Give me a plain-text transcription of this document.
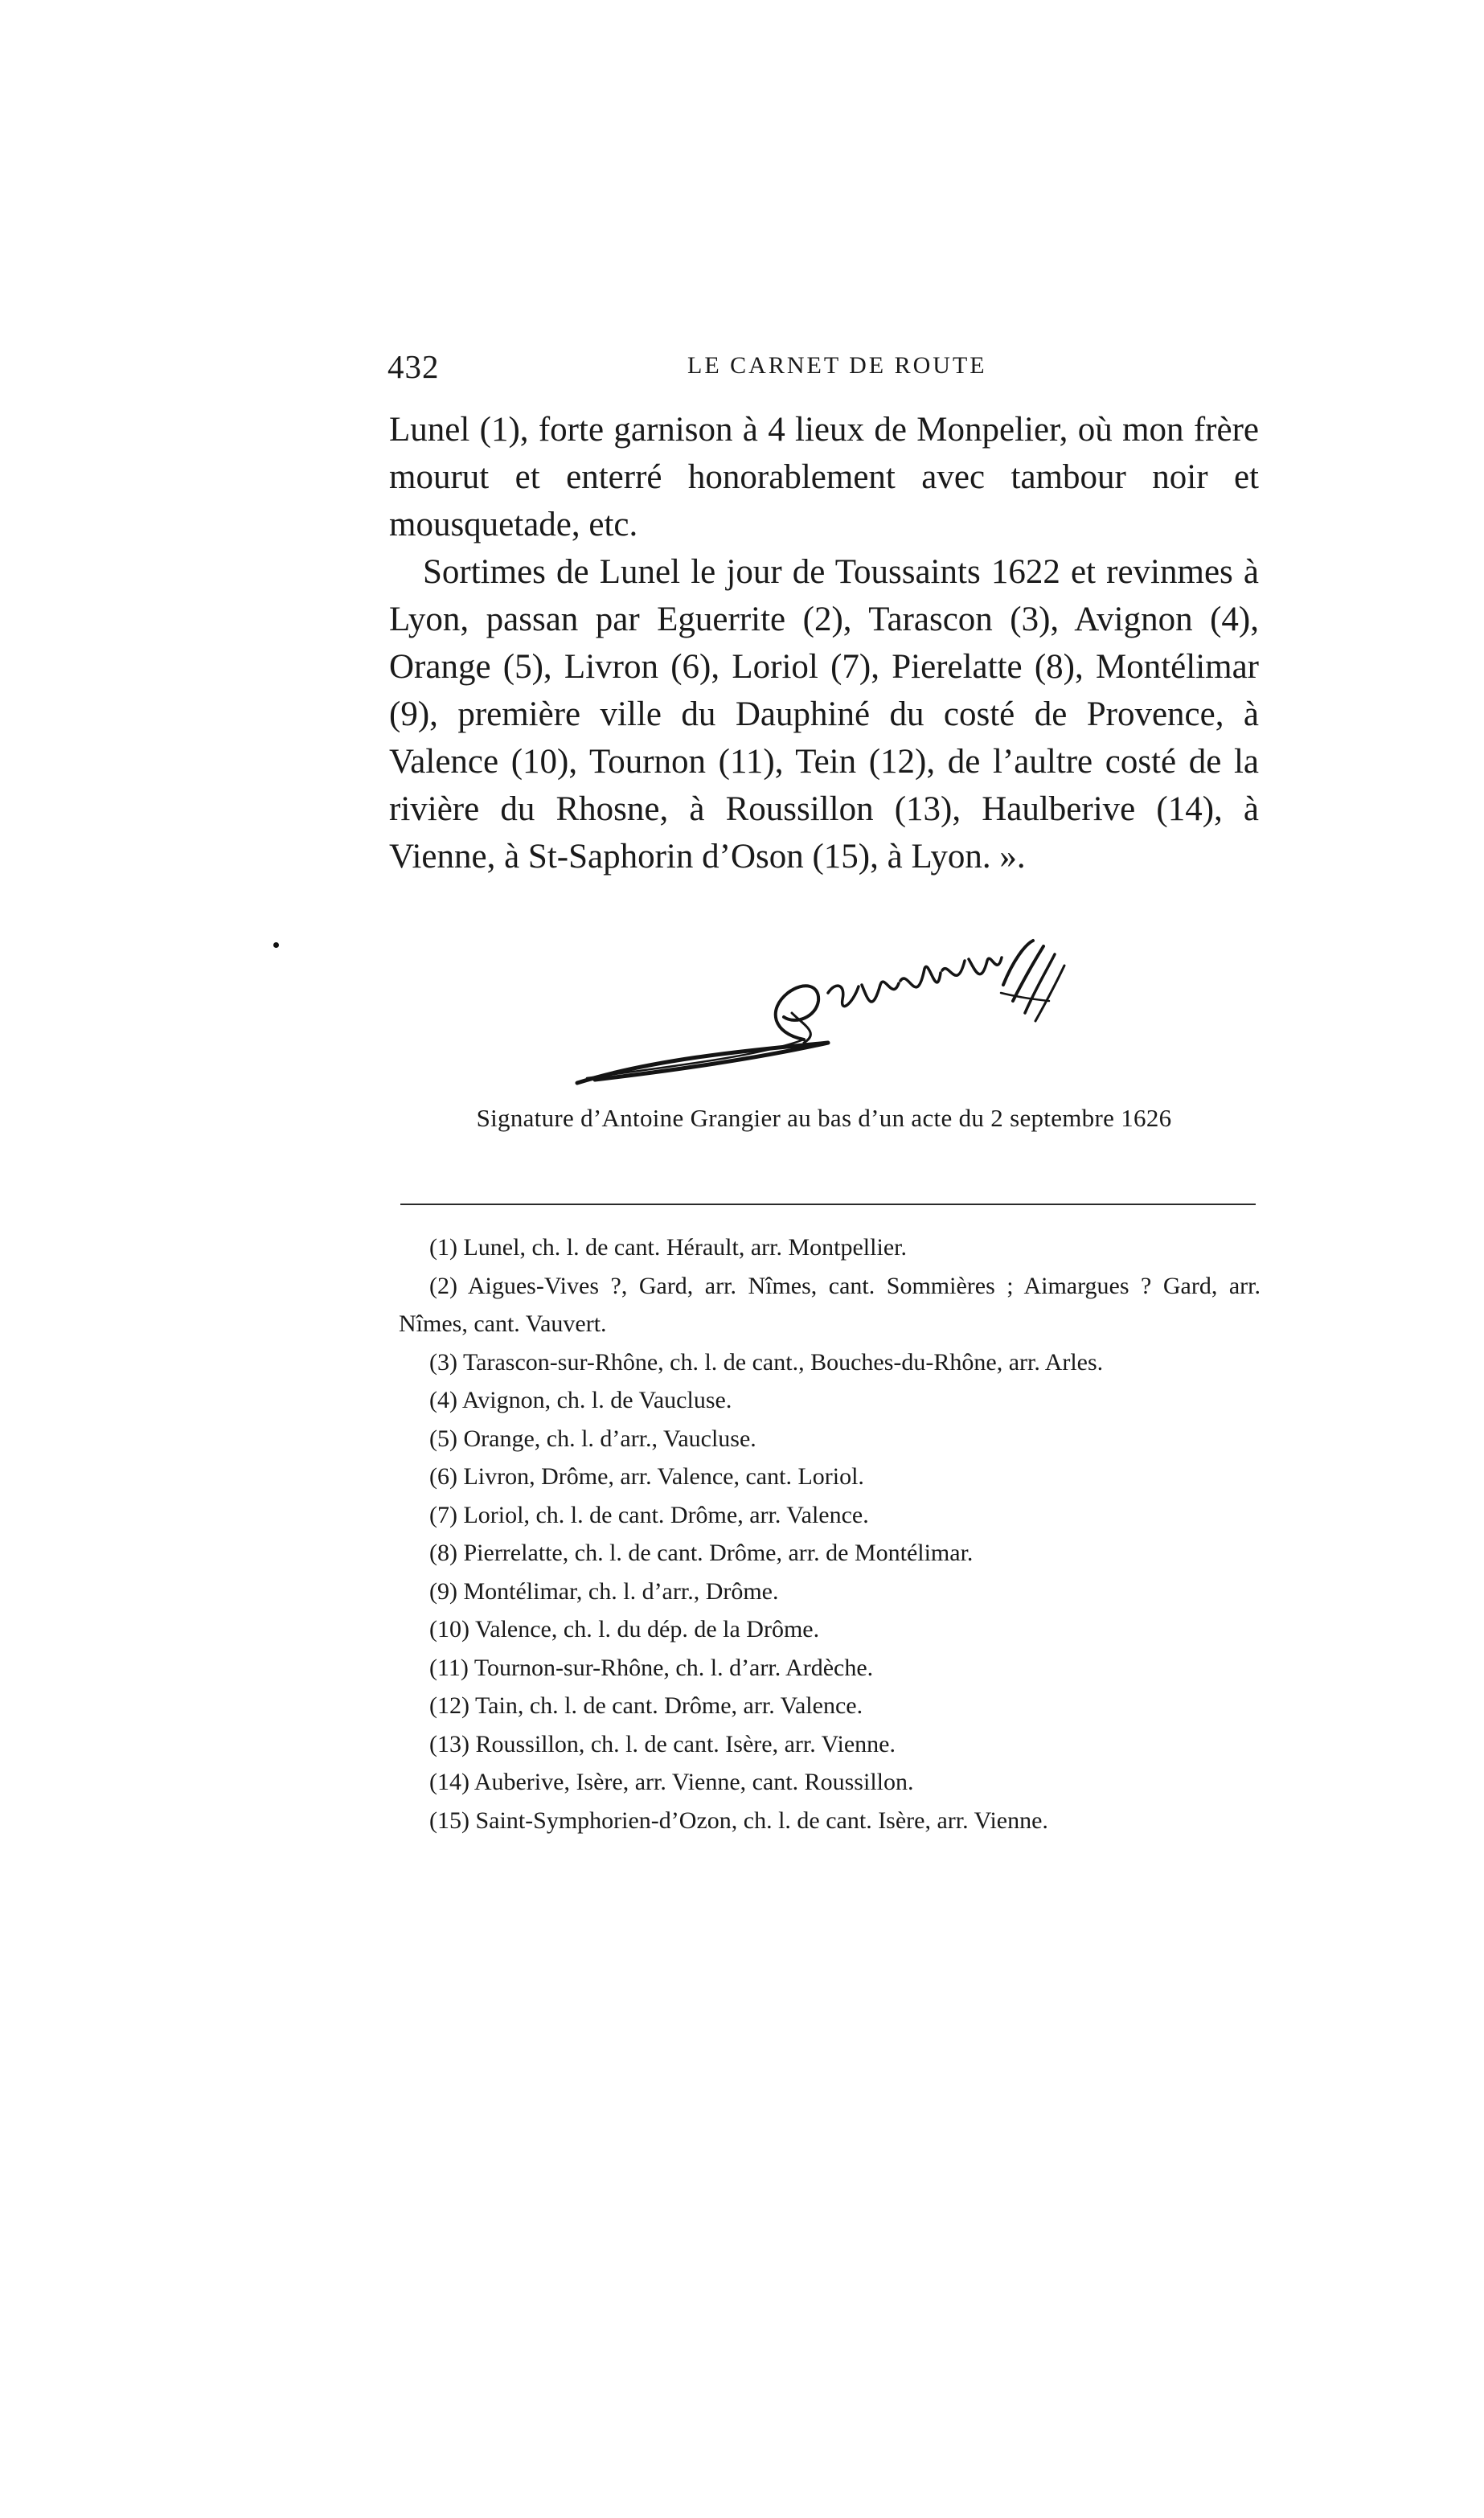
432	LE CARNET DE ROUTE

Lunel (1), forte garnison à 4 lieux de Monpelier, où mon frère mourut et enterré honorablement avec tambour noir et mousquetade, etc.

Sortimes de Lunel le jour de Toussaints 1622 et revinmes à Lyon, passan par Eguerrite (2), Tarascon (3), Avignon (4), Orange (5), Livron (6), Loriol (7), Pierelatte (8), Montélimar (9), première ville du Dauphiné du costé de Provence, à Valence (10), Tournon (11), Tein (12), de l’aultre costé de la rivière du Rhosne, à Roussillon (13), Haulberive (14), à Vienne, à St-Saphorin d’Oson (15), à Lyon. ».

Signature d’Antoine Grangier au bas d’un acte du 2 septembre 1626

(1) Lunel, ch. l. de cant. Hérault, arr. Montpellier.

(2) Aigues-Vives ?, Gard, arr. Nîmes, cant. Sommières ; Aimargues ? Gard, arr. Nîmes, cant. Vauvert.

(3) Tarascon-sur-Rhône, ch. l. de cant., Bouches-du-Rhône, arr. Arles.

(4) Avignon, ch. l. de Vaucluse.

(5) Orange, ch. l. d’arr., Vaucluse.

(6) Livron, Drôme, arr. Valence, cant. Loriol.

(7) Loriol, ch. l. de cant. Drôme, arr. Valence.

(8) Pierrelatte, ch. l. de cant. Drôme, arr. de Montélimar.

(9) Montélimar, ch. l. d’arr., Drôme.

(10) Valence, ch. l. du dép. de la Drôme.

(11) Tournon-sur-Rhône, ch. l. d’arr. Ardèche.

(12) Tain, ch. l. de cant. Drôme, arr. Valence.

(13) Roussillon, ch. l. de cant. Isère, arr. Vienne.

(14) Auberive, Isère, arr. Vienne, cant. Roussillon.

(15) Saint-Symphorien-d’Ozon, ch. l. de cant. Isère, arr. Vienne.
